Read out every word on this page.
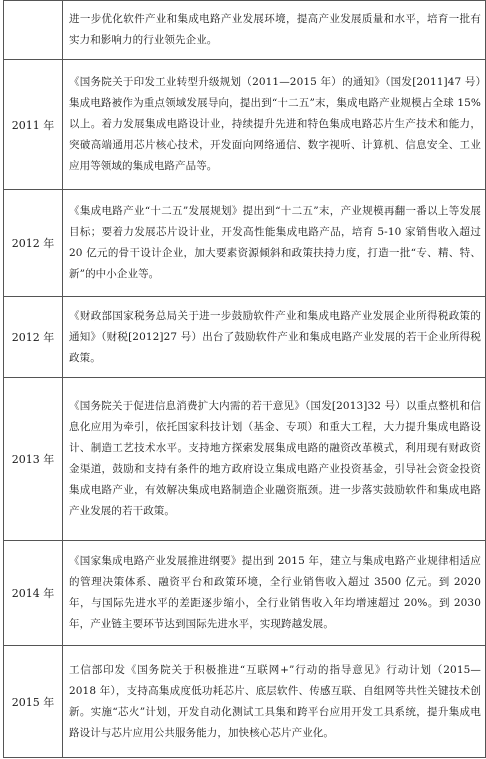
	进一步优化软件产业和集成电路产业发展环境，提高产业发展质量和水平，培育一批有实力和影响力的行业领先企业。

2011 年	《国务院关于印发工业转型升级规划（2011—2015 年）的通知》（国发[2011]47 号）集成电路被作为重点领域发展导向，提出到“十二五”末，集成电路产业规模占全球 15%以上。着力发展集成电路设计业，持续提升先进和特色集成电路芯片生产技术和能力，突破高端通用芯片核心技术，开发面向网络通信、数字视听、计算机、信息安全、工业应用等领域的集成电路产品等。

2012 年	《集成电路产业“十二五”发展规划》提出到“十二五”末，产业规模再翻一番以上等发展目标；要着力发展芯片设计业，开发高性能集成电路产品，培育 5-10 家销售收入超过 20 亿元的骨干设计企业，加大要素资源倾斜和政策扶持力度，打造一批“专、精、特、新”的中小企业等。

2012 年	《财政部国家税务总局关于进一步鼓励软件产业和集成电路产业发展企业所得税政策的通知》（财税[2012]27 号）出台了鼓励软件产业和集成电路产业发展的若干企业所得税政策。

2013 年	《国务院关于促进信息消费扩大内需的若干意见》（国发[2013]32 号）以重点整机和信息化应用为牵引，依托国家科技计划（基金、专项）和重大工程，大力提升集成电路设计、制造工艺技术水平。支持地方探索发展集成电路的融资改革模式，利用现有财政资金渠道，鼓励和支持有条件的地方政府设立集成电路产业投资基金，引导社会资金投资集成电路产业，有效解决集成电路制造企业融资瓶颈。进一步落实鼓励软件和集成电路产业发展的若干政策。

2014 年	《国家集成电路产业发展推进纲要》提出到 2015 年，建立与集成电路产业规律相适应的管理决策体系、融资平台和政策环境，全行业销售收入超过 3500 亿元。到 2020 年，与国际先进水平的差距逐步缩小，全行业销售收入年均增速超过 20%。到 2030 年，产业链主要环节达到国际先进水平，实现跨越发展。

2015 年	工信部印发《国务院关于积极推进“互联网+”行动的指导意见》行动计划（2015—2018 年），支持高集成度低功耗芯片、底层软件、传感互联、自组网等共性关键技术创新。实施“芯火”计划，开发自动化测试工具集和跨平台应用开发工具系统，提升集成电路设计与芯片应用公共服务能力，加快核心芯片产业化。
